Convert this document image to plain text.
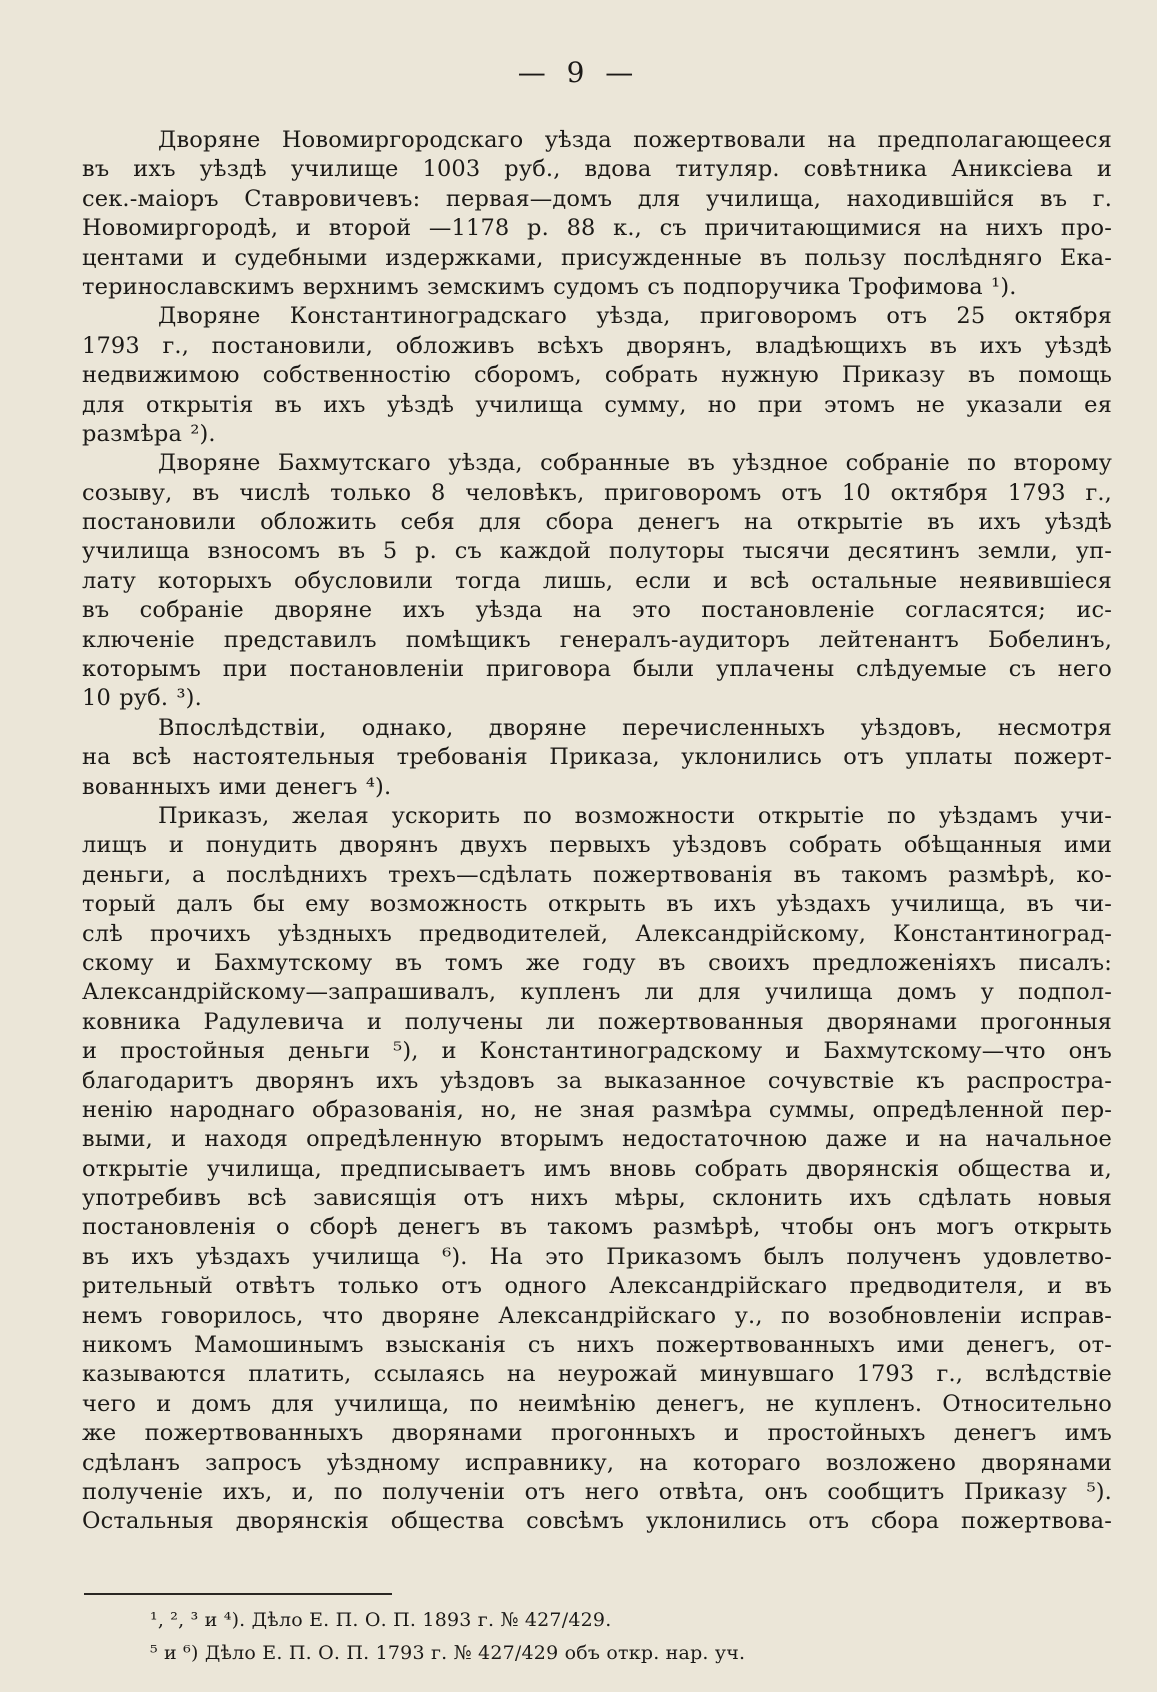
— 9 —
Дворяне Новомиргородскаго уѣзда пожертвовали на предполагающееся
въ ихъ уѣздѣ училище 1003 руб., вдова титуляр. совѣтника Аниксіева и
сек.-маіоръ Ставровичевъ: первая—домъ для училища, находившійся въ г.
Новомиргородѣ, и второй —1178 р. 88 к., съ причитающимися на нихъ про-
центами и судебными издержками, присужденные въ пользу послѣдняго Ека-
теринославскимъ верхнимъ земскимъ судомъ съ подпоручика Трофимова ¹).
Дворяне Константиноградскаго уѣзда, приговоромъ отъ 25 октября
1793 г., постановили, обложивъ всѣхъ дворянъ, владѣющихъ въ ихъ уѣздѣ
недвижимою собственностію сборомъ, собрать нужную Приказу въ помощь
для открытія въ ихъ уѣздѣ училища сумму, но при этомъ не указали ея
размѣра ²).
Дворяне Бахмутскаго уѣзда, собранные въ уѣздное собраніе по второму
созыву, въ числѣ только 8 человѣкъ, приговоромъ отъ 10 октября 1793 г.,
постановили обложить себя для сбора денегъ на открытіе въ ихъ уѣздѣ
училища взносомъ въ 5 р. съ каждой полуторы тысячи десятинъ земли, уп-
лату которыхъ обусловили тогда лишь, если и всѣ остальные неявившіеся
въ собраніе дворяне ихъ уѣзда на это постановленіе согласятся; ис-
ключеніе представилъ помѣщикъ генералъ-аудиторъ лейтенантъ Бобелинъ,
которымъ при постановленіи приговора были уплачены слѣдуемые съ него
10 руб. ³).
Впослѣдствіи, однако, дворяне перечисленныхъ уѣздовъ, несмотря
на всѣ настоятельныя требованія Приказа, уклонились отъ уплаты пожерт-
вованныхъ ими денегъ ⁴).
Приказъ, желая ускорить по возможности открытіе по уѣздамъ учи-
лищъ и понудить дворянъ двухъ первыхъ уѣздовъ собрать обѣщанныя ими
деньги, а послѣднихъ трехъ—сдѣлать пожертвованія въ такомъ размѣрѣ, ко-
торый далъ бы ему возможность открыть въ ихъ уѣздахъ училища, въ чи-
слѣ прочихъ уѣздныхъ предводителей, Александрійскому, Константиноград-
скому и Бахмутскому въ томъ же году въ своихъ предложеніяхъ писалъ:
Александрійскому—запрашивалъ, купленъ ли для училища домъ у подпол-
ковника Радулевича и получены ли пожертвованныя дворянами прогонныя
и простойныя деньги ⁵), и Константиноградскому и Бахмутскому—что онъ
благодаритъ дворянъ ихъ уѣздовъ за выказанное сочувствіе къ распростра-
ненію народнаго образованія, но, не зная размѣра суммы, опредѣленной пер-
выми, и находя опредѣленную вторымъ недостаточною даже и на начальное
открытіе училища, предписываетъ имъ вновь собрать дворянскія общества и,
употребивъ всѣ зависящія отъ нихъ мѣры, склонить ихъ сдѣлать новыя
постановленія о сборѣ денегъ въ такомъ размѣрѣ, чтобы онъ могъ открыть
въ ихъ уѣздахъ училища ⁶). На это Приказомъ былъ полученъ удовлетво-
рительный отвѣтъ только отъ одного Александрійскаго предводителя, и въ
немъ говорилось, что дворяне Александрійскаго у., по возобновленіи исправ-
никомъ Мамошинымъ взысканія съ нихъ пожертвованныхъ ими денегъ, от-
казываются платить, ссылаясь на неурожай минувшаго 1793 г., вслѣдствіе
чего и домъ для училища, по неимѣнію денегъ, не купленъ. Относительно
же пожертвованныхъ дворянами прогонныхъ и простойныхъ денегъ имъ
сдѣланъ запросъ уѣздному исправнику, на котораго возложено дворянами
полученіе ихъ, и, по полученіи отъ него отвѣта, онъ сообщитъ Приказу ⁵).
Остальныя дворянскія общества совсѣмъ уклонились отъ сбора пожертвова-
¹, ², ³ и ⁴). Дѣло Е. П. О. П. 1893 г. № 427/429.
⁵ и ⁶) Дѣло Е. П. О. П. 1793 г. № 427/429 объ откр. нар. уч.
